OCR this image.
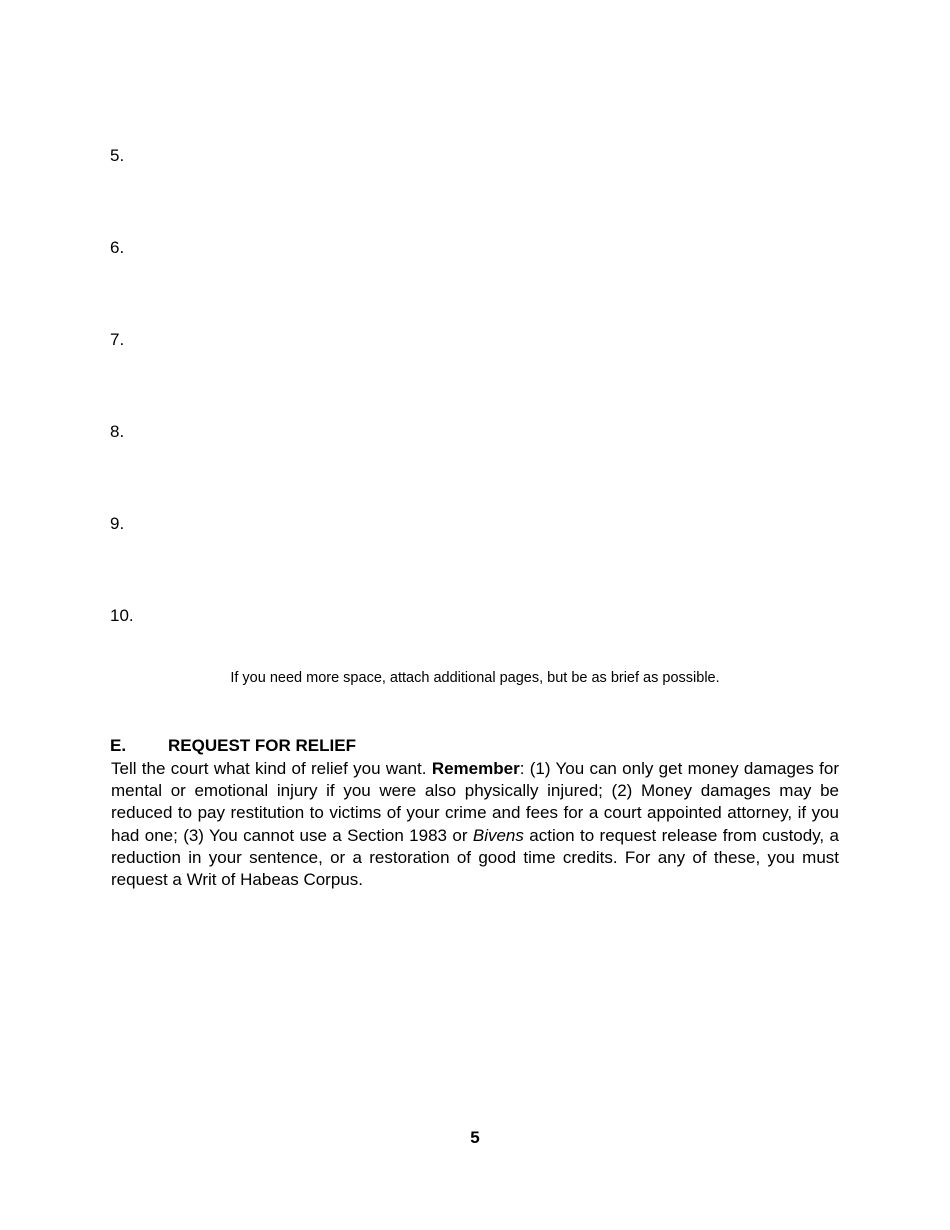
5.
6.
7.
8.
9.
10.
If you need more space, attach additional pages, but be as brief as possible.
E. REQUEST FOR RELIEF
Tell the court what kind of relief you want. Remember: (1) You can only get money damages for mental or emotional injury if you were also physically injured; (2) Money damages may be reduced to pay restitution to victims of your crime and fees for a court appointed attorney, if you had one; (3) You cannot use a Section 1983 or Bivens action to request release from custody, a reduction in your sentence, or a restoration of good time credits. For any of these, you must request a Writ of Habeas Corpus.
5
